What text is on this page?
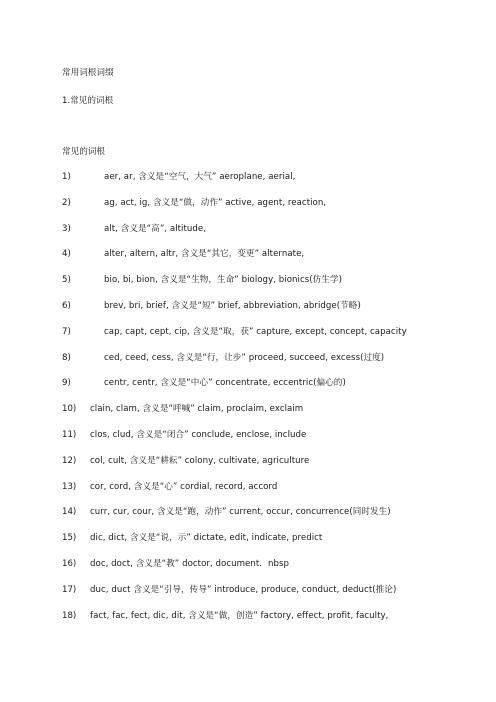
常用词根词缀
1.常见的词根
常见的词根
1)	aer, ar, 含义是“空气，大气” aeroplane, aerial,
2)	ag, act, ig, 含义是“做，动作” active, agent, reaction,
3)	alt, 含义是“高”, altitude,
4)	alter, altern, altr, 含义是“其它，变更” alternate,
5)	bio, bi, bion, 含义是“生物，生命” biology, bionics(仿生学)
6)	brev, bri, brief, 含义是“短” brief, abbreviation, abridge(节略)
7)	cap, capt, cept, cip, 含义是“取，获” capture, except, concept, capacity
8)	ced, ceed, cess, 含义是“行，让步” proceed, succeed, excess(过度)
9)	centr, centr, 含义是“中心” concentrate, eccentric(偏心的)
10)	clain, clam, 含义是“呼喊” claim, proclaim, exclaim
11)	clos, clud, 含义是“闭合” conclude, enclose, include
12)	col, cult, 含义是“耕耘” colony, cultivate, agriculture
13)	cor, cord, 含义是“心” cordial, record, accord
14)	curr, cur, cour, 含义是“跑，动作” current, occur, concurrence(同时发生)
15)	dic, dict, 含义是“说，示” dictate, edit, indicate, predict
16)	doc, doct, 含义是“教” doctor, document．nbsp
17)	duc, duct 含义是“引导，传导” introduce, produce, conduct, deduct(推论)
18)	fact, fac, fect, dic, dit, 含义是“做，创造” factory, effect, profit, faculty,
